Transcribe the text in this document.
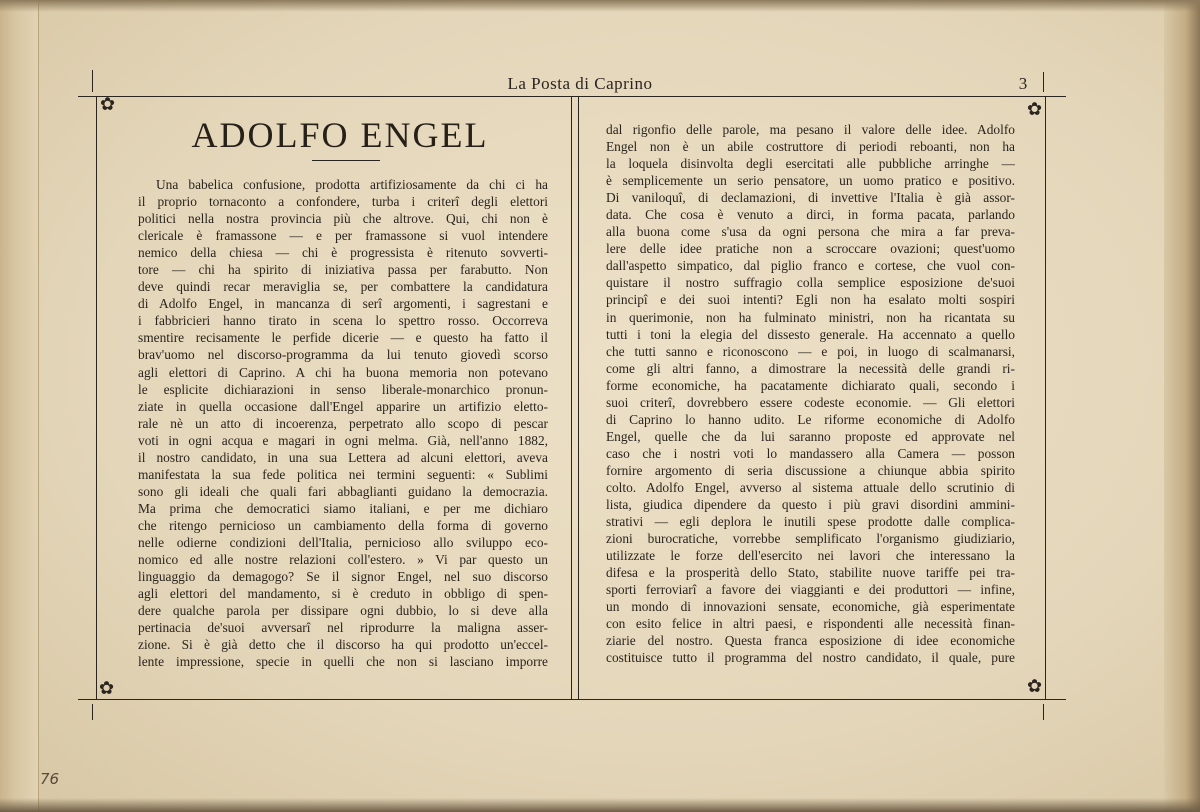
La Posta di Caprino	3
76
✿	✿
✿	✿
ADOLFO ENGEL
Una babelica confusione, prodotta artifiziosamente da chi ci ha
il proprio tornaconto a confondere, turba i criterî degli elettori
politici nella nostra provincia più che altrove. Qui, chi non è
clericale è framassone — e per framassone si vuol intendere
nemico della chiesa — chi è progressista è ritenuto sovverti-
tore — chi ha spirito di iniziativa passa per farabutto. Non
deve quindi recar meraviglia se, per combattere la candidatura
di Adolfo Engel, in mancanza di serî argomenti, i sagrestani e
i fabbricieri hanno tirato in scena lo spettro rosso. Occorreva
smentire recisamente le perfide dicerie — e questo ha fatto il
brav'uomo nel discorso-programma da lui tenuto giovedì scorso
agli elettori di Caprino. A chi ha buona memoria non potevano
le esplicite dichiarazioni in senso liberale-monarchico pronun-
ziate in quella occasione dall'Engel apparire un artifizio eletto-
rale nè un atto di incoerenza, perpetrato allo scopo di pescar
voti in ogni acqua e magari in ogni melma. Già, nell'anno 1882,
il nostro candidato, in una sua Lettera ad alcuni elettori, aveva
manifestata la sua fede politica nei termini seguenti: « Sublimi
sono gli ideali che quali fari abbaglianti guidano la democrazia.
Ma prima che democratici siamo italiani, e per me dichiaro
che ritengo pernicioso un cambiamento della forma di governo
nelle odierne condizioni dell'Italia, pernicioso allo sviluppo eco-
nomico ed alle nostre relazioni coll'estero. » Vi par questo un
linguaggio da demagogo? Se il signor Engel, nel suo discorso
agli elettori del mandamento, si è creduto in obbligo di spen-
dere qualche parola per dissipare ogni dubbio, lo si deve alla
pertinacia de'suoi avversarî nel riprodurre la maligna asser-
zione. Si è già detto che il discorso ha qui prodotto un'eccel-
lente impressione, specie in quelli che non si lasciano imporre
dal rigonfio delle parole, ma pesano il valore delle idee. Adolfo
Engel non è un abile costruttore di periodi reboanti, non ha
la loquela disinvolta degli esercitati alle pubbliche arringhe —
è semplicemente un serio pensatore, un uomo pratico e positivo.
Di vaniloquî, di declamazioni, di invettive l'Italia è già assor-
data. Che cosa è venuto a dirci, in forma pacata, parlando
alla buona come s'usa da ogni persona che mira a far preva-
lere delle idee pratiche non a scroccare ovazioni; quest'uomo
dall'aspetto simpatico, dal piglio franco e cortese, che vuol con-
quistare il nostro suffragio colla semplice esposizione de'suoi
principî e dei suoi intenti? Egli non ha esalato molti sospiri
in querimonie, non ha fulminato ministri, non ha ricantata su
tutti i toni la elegia del dissesto generale. Ha accennato a quello
che tutti sanno e riconoscono — e poi, in luogo di scalmanarsi,
come gli altri fanno, a dimostrare la necessità delle grandi ri-
forme economiche, ha pacatamente dichiarato quali, secondo i
suoi criterî, dovrebbero essere codeste economie. — Gli elettori
di Caprino lo hanno udito. Le riforme economiche di Adolfo
Engel, quelle che da lui saranno proposte ed approvate nel
caso che i nostri voti lo mandassero alla Camera — posson
fornire argomento di seria discussione a chiunque abbia spirito
colto. Adolfo Engel, avverso al sistema attuale dello scrutinio di
lista, giudica dipendere da questo i più gravi disordini ammini-
strativi — egli deplora le inutili spese prodotte dalle complica-
zioni burocratiche, vorrebbe semplificato l'organismo giudiziario,
utilizzate le forze dell'esercito nei lavori che interessano la
difesa e la prosperità dello Stato, stabilite nuove tariffe pei tra-
sporti ferroviarî a favore dei viaggianti e dei produttori — infine,
un mondo di innovazioni sensate, economiche, già esperimentate
con esito felice in altri paesi, e rispondenti alle necessità finan-
ziarie del nostro. Questa franca esposizione di idee economiche
costituisce tutto il programma del nostro candidato, il quale, pure
